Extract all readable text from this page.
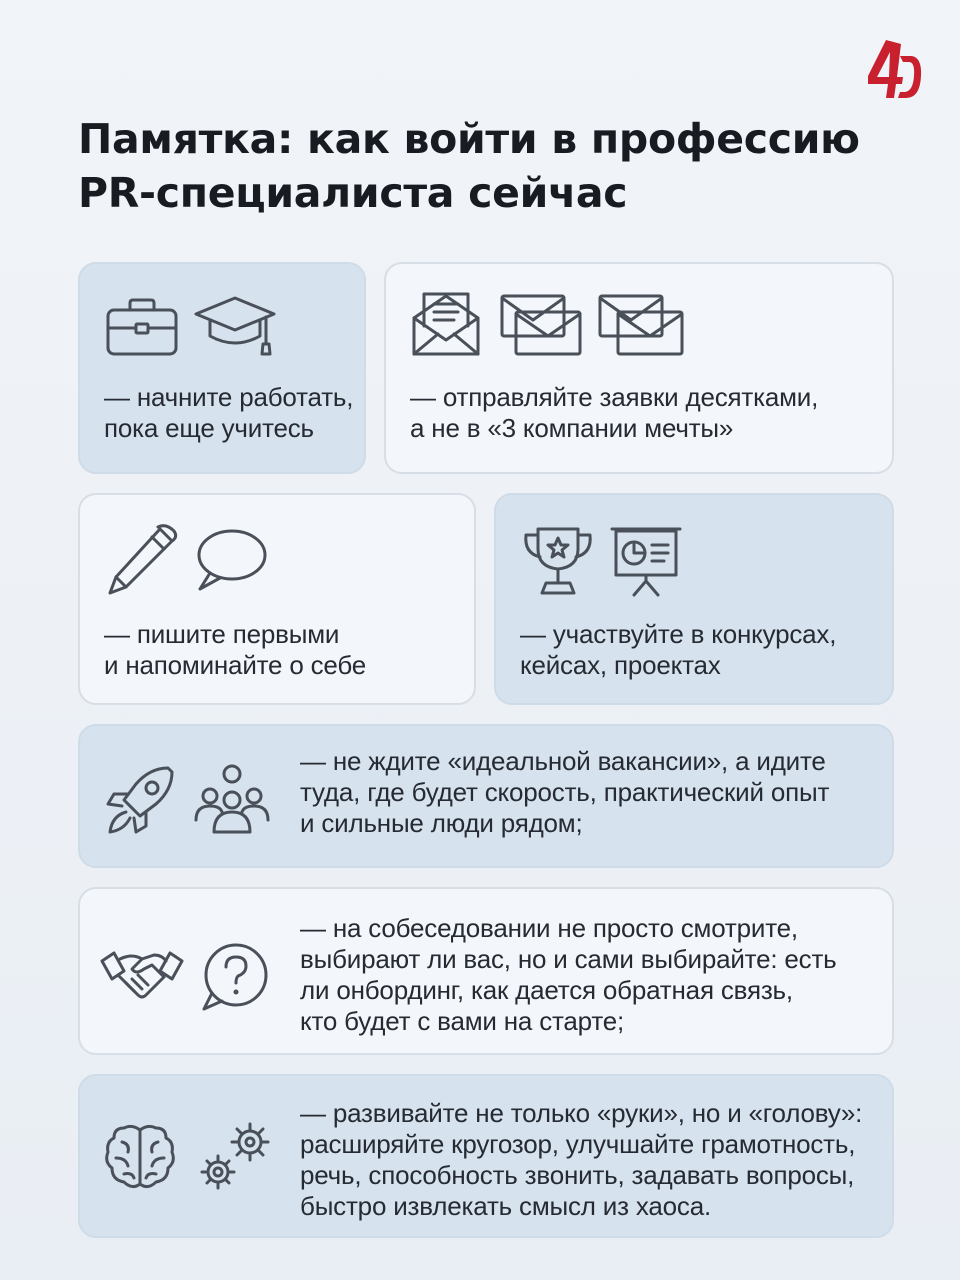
Памятка: как войти в профессию
PR-специалиста сейчас
— начните работать,
пока еще учитесь
— отправляйте заявки десятками,
а не в «3 компании мечты»
— пишите первыми
и напоминайте о себе
— участвуйте в конкурсах,
кейсах, проектах
— не ждите «идеальной вакансии», а идите
туда, где будет скорость, практический опыт
и сильные люди рядом;
— на собеседовании не просто смотрите,
выбирают ли вас, но и сами выбирайте: есть
ли онбординг, как дается обратная связь,
кто будет с вами на старте;
— развивайте не только «руки», но и «голову»:
расширяйте кругозор, улучшайте грамотность,
речь, способность звонить, задавать вопросы,
быстро извлекать смысл из хаоса.
